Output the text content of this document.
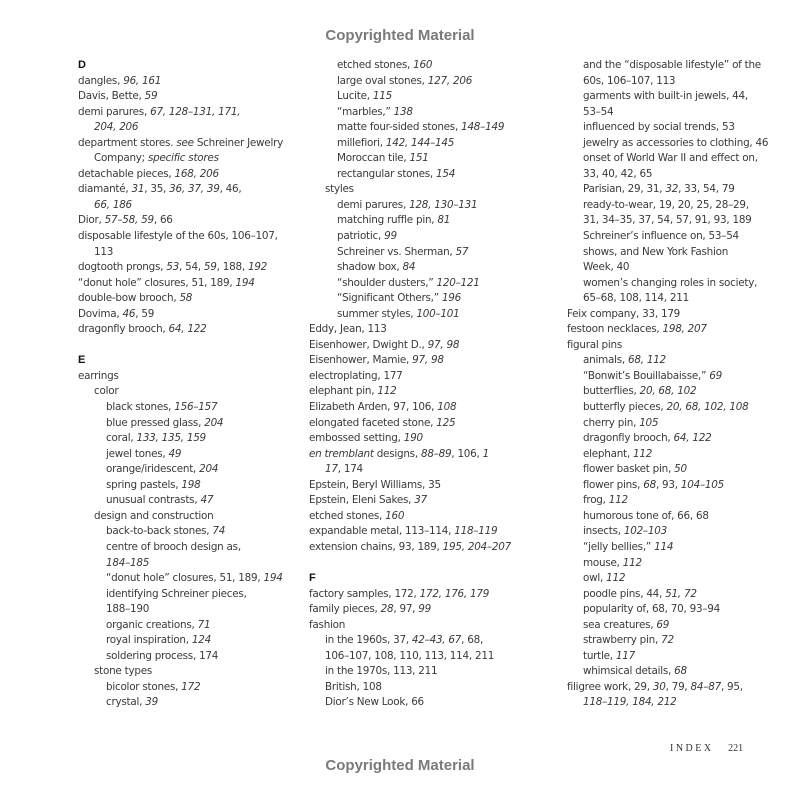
Copyrighted Material
D
dangles, 96, 161
Davis, Bette, 59
demi parures, 67, 128–131, 171,
204, 206
department stores. see Schreiner Jewelry
Company; specific stores
detachable pieces, 168, 206
diamanté, 31, 35, 36, 37, 39, 46,
66, 186
Dior, 57–58, 59, 66
disposable lifestyle of the 60s, 106–107,
113
dogtooth prongs, 53, 54, 59, 188, 192
“donut hole” closures, 51, 189, 194
double-bow brooch, 58
Dovima, 46, 59
dragonfly brooch, 64, 122
E
earrings
color
black stones, 156–157
blue pressed glass, 204
coral, 133, 135, 159
jewel tones, 49
orange/iridescent, 204
spring pastels, 198
unusual contrasts, 47
design and construction
back-to-back stones, 74
centre of brooch design as,
184–185
“donut hole” closures, 51, 189, 194
identifying Schreiner pieces,
188–190
organic creations, 71
royal inspiration, 124
soldering process, 174
stone types
bicolor stones, 172
crystal, 39
etched stones, 160
large oval stones, 127, 206
Lucite, 115
“marbles,” 138
matte four-sided stones, 148–149
millefiori, 142, 144–145
Moroccan tile, 151
rectangular stones, 154
styles
demi parures, 128, 130–131
matching ruffle pin, 81
patriotic, 99
Schreiner vs. Sherman, 57
shadow box, 84
“shoulder dusters,” 120–121
“Significant Others,” 196
summer styles, 100–101
Eddy, Jean, 113
Eisenhower, Dwight D., 97, 98
Eisenhower, Mamie, 97, 98
electroplating, 177
elephant pin, 112
Elizabeth Arden, 97, 106, 108
elongated faceted stone, 125
embossed setting, 190
en tremblant designs, 88–89, 106, 1
17, 174
Epstein, Beryl Williams, 35
Epstein, Eleni Sakes, 37
etched stones, 160
expandable metal, 113–114, 118–119
extension chains, 93, 189, 195, 204–207
F
factory samples, 172, 172, 176, 179
family pieces, 28, 97, 99
fashion
in the 1960s, 37, 42–43, 67, 68,
106–107, 108, 110, 113, 114, 211
in the 1970s, 113, 211
British, 108
Dior’s New Look, 66
and the “disposable lifestyle” of the
60s, 106–107, 113
garments with built-in jewels, 44,
53–54
influenced by social trends, 53
jewelry as accessories to clothing, 46
onset of World War II and effect on,
33, 40, 42, 65
Parisian, 29, 31, 32, 33, 54, 79
ready-to-wear, 19, 20, 25, 28–29,
31, 34–35, 37, 54, 57, 91, 93, 189
Schreiner’s influence on, 53–54
shows, and New York Fashion
Week, 40
women’s changing roles in society,
65–68, 108, 114, 211
Feix company, 33, 179
festoon necklaces, 198, 207
figural pins
animals, 68, 112
“Bonwit’s Bouillabaisse,” 69
butterflies, 20, 68, 102
butterfly pieces, 20, 68, 102, 108
cherry pin, 105
dragonfly brooch, 64, 122
elephant, 112
flower basket pin, 50
flower pins, 68, 93, 104–105
frog, 112
humorous tone of, 66, 68
insects, 102–103
“jelly bellies,” 114
mouse, 112
owl, 112
poodle pins, 44, 51, 72
popularity of, 68, 70, 93–94
sea creatures, 69
strawberry pin, 72
turtle, 117
whimsical details, 68
filigree work, 29, 30, 79, 84–87, 95,
118–119, 184, 212
INDEX 221
Copyrighted Material
